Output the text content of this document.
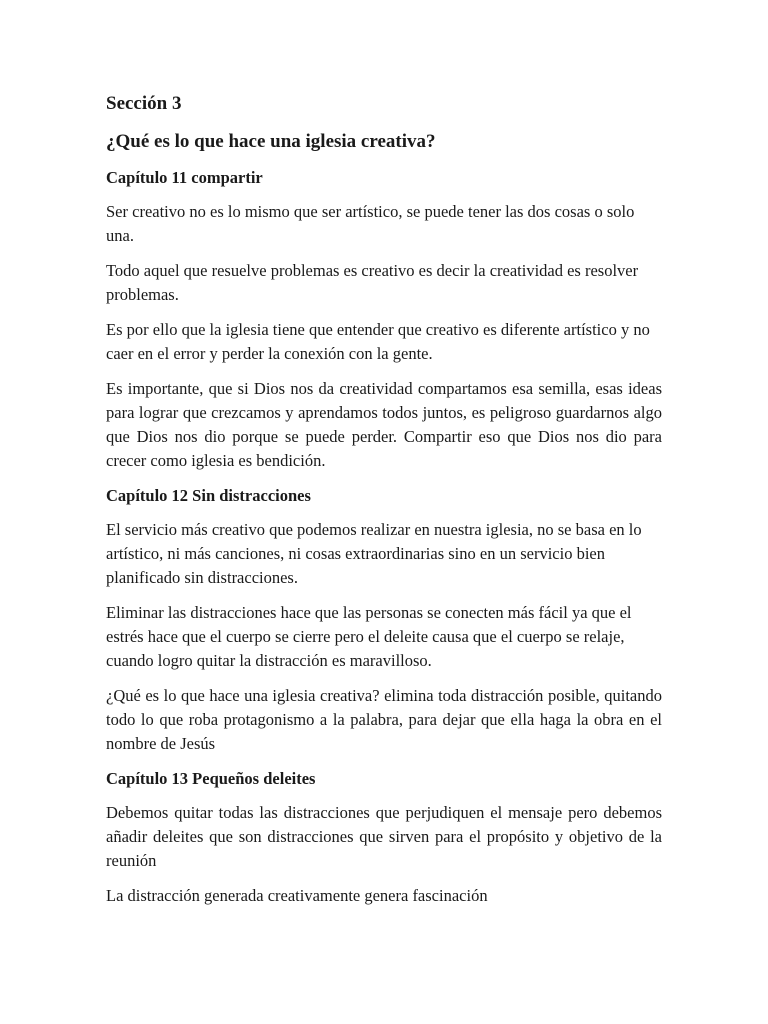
Sección 3
¿Qué es lo que hace una iglesia creativa?
Capítulo 11 compartir

Ser creativo no es lo mismo que ser artístico, se puede tener las dos cosas o solo una.

Todo aquel que resuelve problemas es creativo es decir la creatividad es resolver problemas.

Es por ello que la iglesia tiene que entender que creativo es diferente artístico y no caer en el error y perder la conexión con la gente.

Es importante, que si Dios nos da creatividad compartamos esa semilla, esas ideas para lograr que crezcamos y aprendamos todos juntos, es peligroso guardarnos algo que Dios nos dio porque se puede perder. Compartir eso que Dios nos dio para crecer como iglesia es bendición.

Capítulo 12 Sin distracciones

El servicio más creativo que podemos realizar en nuestra iglesia, no se basa en lo artístico, ni más canciones, ni cosas extraordinarias sino en un servicio bien planificado sin distracciones.

Eliminar las distracciones hace que las personas se conecten más fácil ya que el estrés hace que el cuerpo se cierre pero el deleite causa que el cuerpo se relaje, cuando logro quitar la distracción es maravilloso.

¿Qué es lo que hace una iglesia creativa? elimina toda distracción posible, quitando todo lo que roba protagonismo a la palabra, para dejar que ella haga la obra en el nombre de Jesús

Capítulo 13 Pequeños deleites

Debemos quitar todas las distracciones que perjudiquen el mensaje pero debemos añadir deleites que son distracciones que sirven para el propósito y objetivo de la reunión

La distracción generada creativamente genera fascinación
